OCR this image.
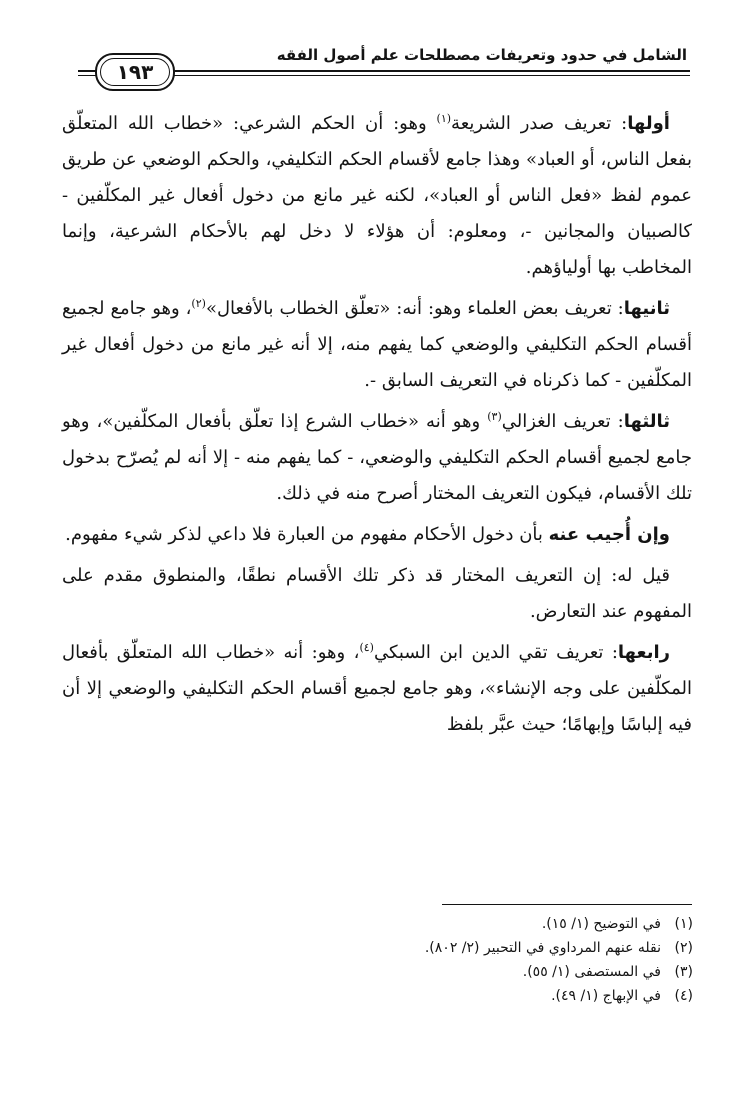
الشامل في حدود وتعريفات مصطلحات علم أصول الفقه
١٩٣

أولها: تعريف صدر الشريعة$^{(١)}$ وهو: أن الحكم الشرعي: «خطاب الله المتعلّق بفعل الناس، أو العباد» وهذا جامع لأقسام الحكم التكليفي، والحكم الوضعي عن طريق عموم لفظ «فعل الناس أو العباد»، لكنه غير مانع من دخول أفعال غير المكلّفين - كالصبيان والمجانين -، ومعلوم: أن هؤلاء لا دخل لهم بالأحكام الشرعية، وإنما المخاطب بها أولياؤهم.

ثانيها: تعريف بعض العلماء وهو: أنه: «تعلّق الخطاب بالأفعال»$^{(٢)}$، وهو جامع لجميع أقسام الحكم التكليفي والوضعي كما يفهم منه، إلا أنه غير مانع من دخول أفعال غير المكلّفين - كما ذكرناه في التعريف السابق -.

ثالثها: تعريف الغزالي$^{(٣)}$ وهو أنه «خطاب الشرع إذا تعلّق بأفعال المكلّفين»، وهو جامع لجميع أقسام الحكم التكليفي والوضعي، - كما يفهم منه - إلا أنه لم يُصرّح بدخول تلك الأقسام، فيكون التعريف المختار أصرح منه في ذلك.

وإن أُجيب عنه بأن دخول الأحكام مفهوم من العبارة فلا داعي لذكر شيء مفهوم.

قيل له: إن التعريف المختار قد ذكر تلك الأقسام نطقًا، والمنطوق مقدم على المفهوم عند التعارض.

رابعها: تعريف تقي الدين ابن السبكي$^{(٤)}$، وهو: أنه «خطاب الله المتعلّق بأفعال المكلّفين على وجه الإنشاء»، وهو جامع لجميع أقسام الحكم التكليفي والوضعي إلا أن فيه إلباسًا وإبهامًا؛ حيث عبَّر بلفظ

(١)في التوضيح (١/ ١٥).
(٢)نقله عنهم المرداوي في التحبير (٢/ ٨٠٢).
(٣)في المستصفى (١/ ٥٥).
(٤)في الإبهاج (١/ ٤٩).
